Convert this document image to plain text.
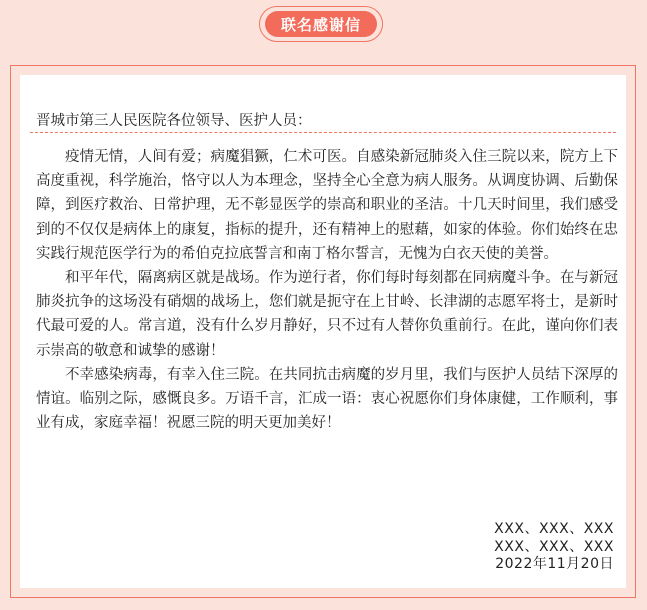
联名感谢信
晋城市第三人民医院各位领导、医护人员：

疫情无情，人间有爱；病魔猖獗，仁术可医。自感染新冠肺炎入住三院以来，院方上下高度重视，科学施治，恪守以人为本理念，坚持全心全意为病人服务。从调度协调、后勤保障，到医疗救治、日常护理，无不彰显医学的崇高和职业的圣洁。十几天时间里，我们感受到的不仅仅是病体上的康复，指标的提升，还有精神上的慰藉，如家的体验。你们始终在忠实践行规范医学行为的希伯克拉底誓言和南丁格尔誓言，无愧为白衣天使的美誉。

和平年代，隔离病区就是战场。作为逆行者，你们每时每刻都在同病魔斗争。在与新冠肺炎抗争的这场没有硝烟的战场上，您们就是扼守在上甘岭、长津湖的志愿军将士，是新时代最可爱的人。常言道，没有什么岁月静好，只不过有人替你负重前行。在此，谨向你们表示崇高的敬意和诚挚的感谢！

不幸感染病毒，有幸入住三院。在共同抗击病魔的岁月里，我们与医护人员结下深厚的情谊。临别之际，感慨良多。万语千言，汇成一语：衷心祝愿你们身体康健，工作顺利，事业有成，家庭幸福！祝愿三院的明天更加美好！

XXX、XXX、XXX
XXX、XXX、XXX
2022年11月20日
